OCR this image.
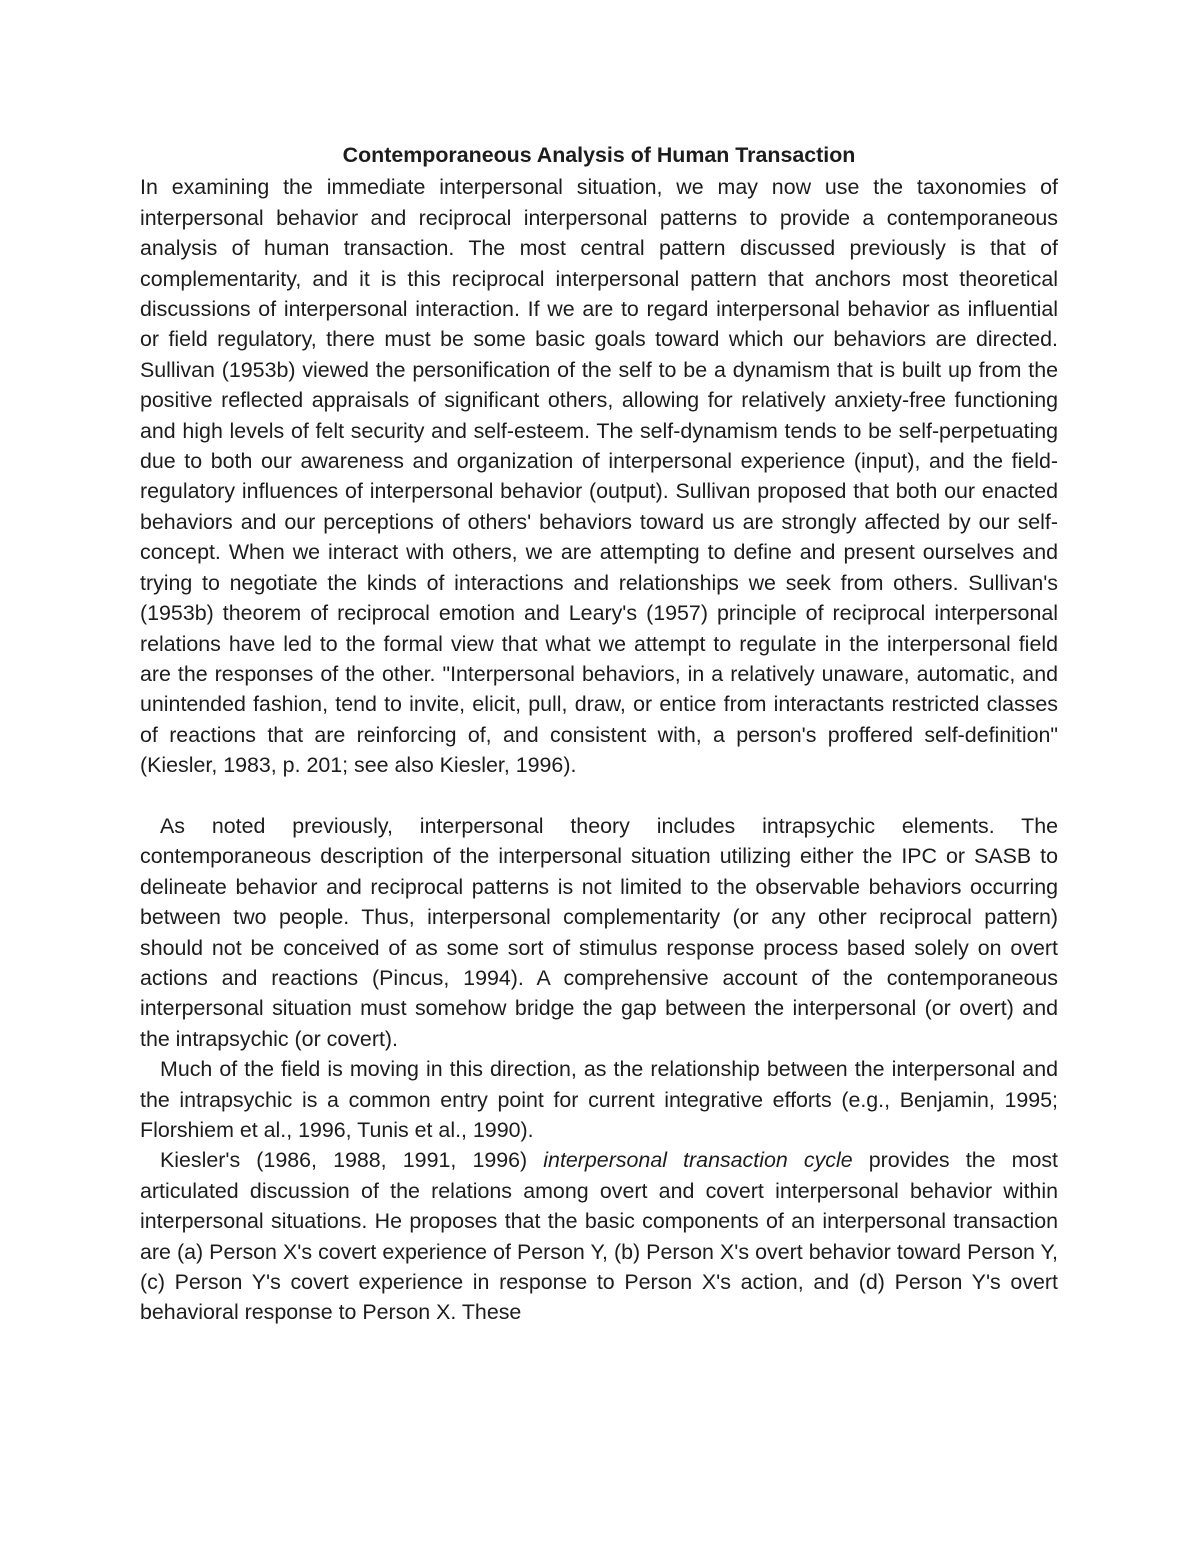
Contemporaneous Analysis of Human Transaction

In examining the immediate interpersonal situation, we may now use the taxonomies of interpersonal behavior and reciprocal interpersonal patterns to provide a contemporaneous analysis of human transaction. The most central pattern discussed previously is that of complementarity, and it is this reciprocal interpersonal pattern that anchors most theoretical discussions of interpersonal interaction. If we are to regard interpersonal behavior as influential or field regulatory, there must be some basic goals toward which our behaviors are directed. Sullivan (1953b) viewed the personification of the self to be a dynamism that is built up from the positive reflected appraisals of significant others, allowing for relatively anxiety-free functioning and high levels of felt security and self-esteem. The self-dynamism tends to be self-perpetuating due to both our awareness and organization of interpersonal experience (input), and the field-regulatory influences of interpersonal behavior (output). Sullivan proposed that both our enacted behaviors and our perceptions of others' behaviors toward us are strongly affected by our self-concept. When we interact with others, we are attempting to define and present ourselves and trying to negotiate the kinds of interactions and relationships we seek from others. Sullivan's (1953b) theorem of reciprocal emotion and Leary's (1957) principle of reciprocal interpersonal relations have led to the formal view that what we attempt to regulate in the interpersonal field are the responses of the other. "Interpersonal behaviors, in a relatively unaware, automatic, and unintended fashion, tend to invite, elicit, pull, draw, or entice from interactants restricted classes of reactions that are reinforcing of, and consistent with, a person's proffered self-definition" (Kiesler, 1983, p. 201; see also Kiesler, 1996).

As noted previously, interpersonal theory includes intrapsychic elements. The contemporaneous description of the interpersonal situation utilizing either the IPC or SASB to delineate behavior and reciprocal patterns is not limited to the observable behaviors occurring between two people. Thus, interpersonal complementarity (or any other reciprocal pattern) should not be conceived of as some sort of stimulus response process based solely on overt actions and reactions (Pincus, 1994). A comprehensive account of the contemporaneous interpersonal situation must somehow bridge the gap between the interpersonal (or overt) and the intrapsychic (or covert).

Much of the field is moving in this direction, as the relationship between the interpersonal and the intrapsychic is a common entry point for current integrative efforts (e.g., Benjamin, 1995; Florshiem et al., 1996, Tunis et al., 1990).

Kiesler's (1986, 1988, 1991, 1996) interpersonal transaction cycle provides the most articulated discussion of the relations among overt and covert interpersonal behavior within interpersonal situations. He proposes that the basic components of an interpersonal transaction are (a) Person X's covert experience of Person Y, (b) Person X's overt behavior toward Person Y, (c) Person Y's covert experience in response to Person X's action, and (d) Person Y's overt behavioral response to Person X. These
